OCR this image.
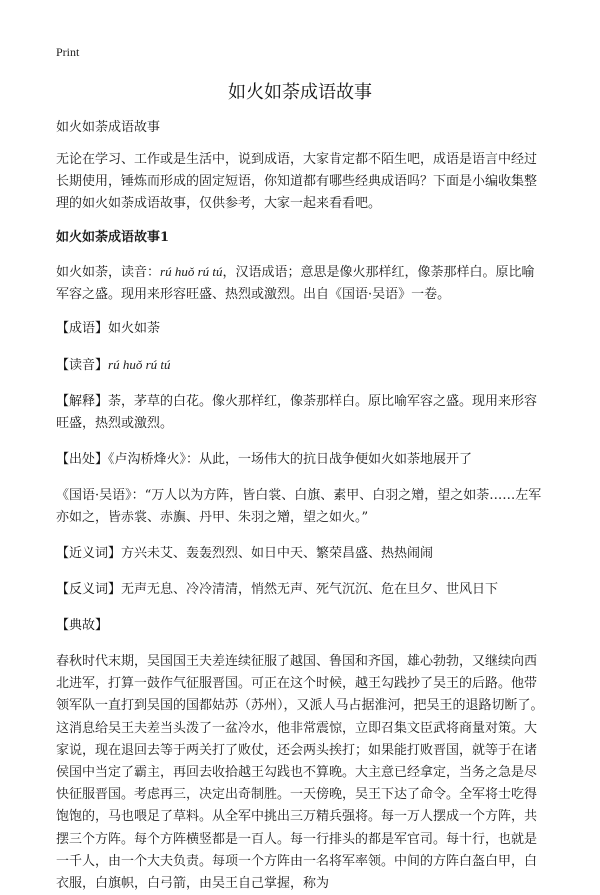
Print
如火如荼成语故事

如火如荼成语故事

无论在学习、工作或是生活中，说到成语，大家肯定都不陌生吧，成语是语言中经过长期使用，锤炼而形成的固定短语，你知道都有哪些经典成语吗？下面是小编收集整理的如火如荼成语故事，仅供参考，大家一起来看看吧。

如火如荼成语故事1

如火如荼，读音：rú huǒ rú tú，汉语成语；意思是像火那样红，像荼那样白。原比喻军容之盛。现用来形容旺盛、热烈或激烈。出自《国语·吴语》一卷。

【成语】如火如荼

【读音】rú huǒ rú tú

【解释】荼，茅草的白花。像火那样红，像荼那样白。原比喻军容之盛。现用来形容旺盛，热烈或激烈。

【出处】《卢沟桥烽火》：从此，一场伟大的抗日战争便如火如荼地展开了

《国语·吴语》：“万人以为方阵，皆白裳、白旗、素甲、白羽之矰，望之如荼……左军亦如之，皆赤裳、赤旟、丹甲、朱羽之矰，望之如火。”

【近义词】方兴未艾、轰轰烈烈、如日中天、繁荣昌盛、热热闹闹

【反义词】无声无息、冷冷清清，悄然无声、死气沉沉、危在旦夕、世风日下

【典故】

春秋时代末期，吴国国王夫差连续征服了越国、鲁国和齐国，雄心勃勃，又继续向西北进军，打算一鼓作气征服晋国。可正在这个时候，越王勾践抄了吴王的后路。他带领军队一直打到吴国的国都姑苏（苏州），又派人马占据淮河，把吴王的退路切断了。这消息给吴王夫差当头泼了一盆冷水，他非常震惊，立即召集文臣武将商量对策。大家说，现在退回去等于两关打了败仗，还会两头挨打；如果能打败晋国，就等于在诸侯国中当定了霸主，再回去收拾越王勾践也不算晚。大主意已经拿定，当务之急是尽快征服晋国。考虑再三，决定出奇制胜。一天傍晚，吴王下达了命令。全军将士吃得饱饱的，马也喂足了草料。从全军中挑出三万精兵强将。每一万人摆成一个方阵，共摆三个方阵。每个方阵横竖都是一百人。每一行排头的都是军官司。每十行，也就是一千人，由一个大夫负责。每项一个方阵由一名将军率领。中间的方阵白盔白甲，白衣服，白旗帜，白弓箭，由吴王自己掌握，称为
